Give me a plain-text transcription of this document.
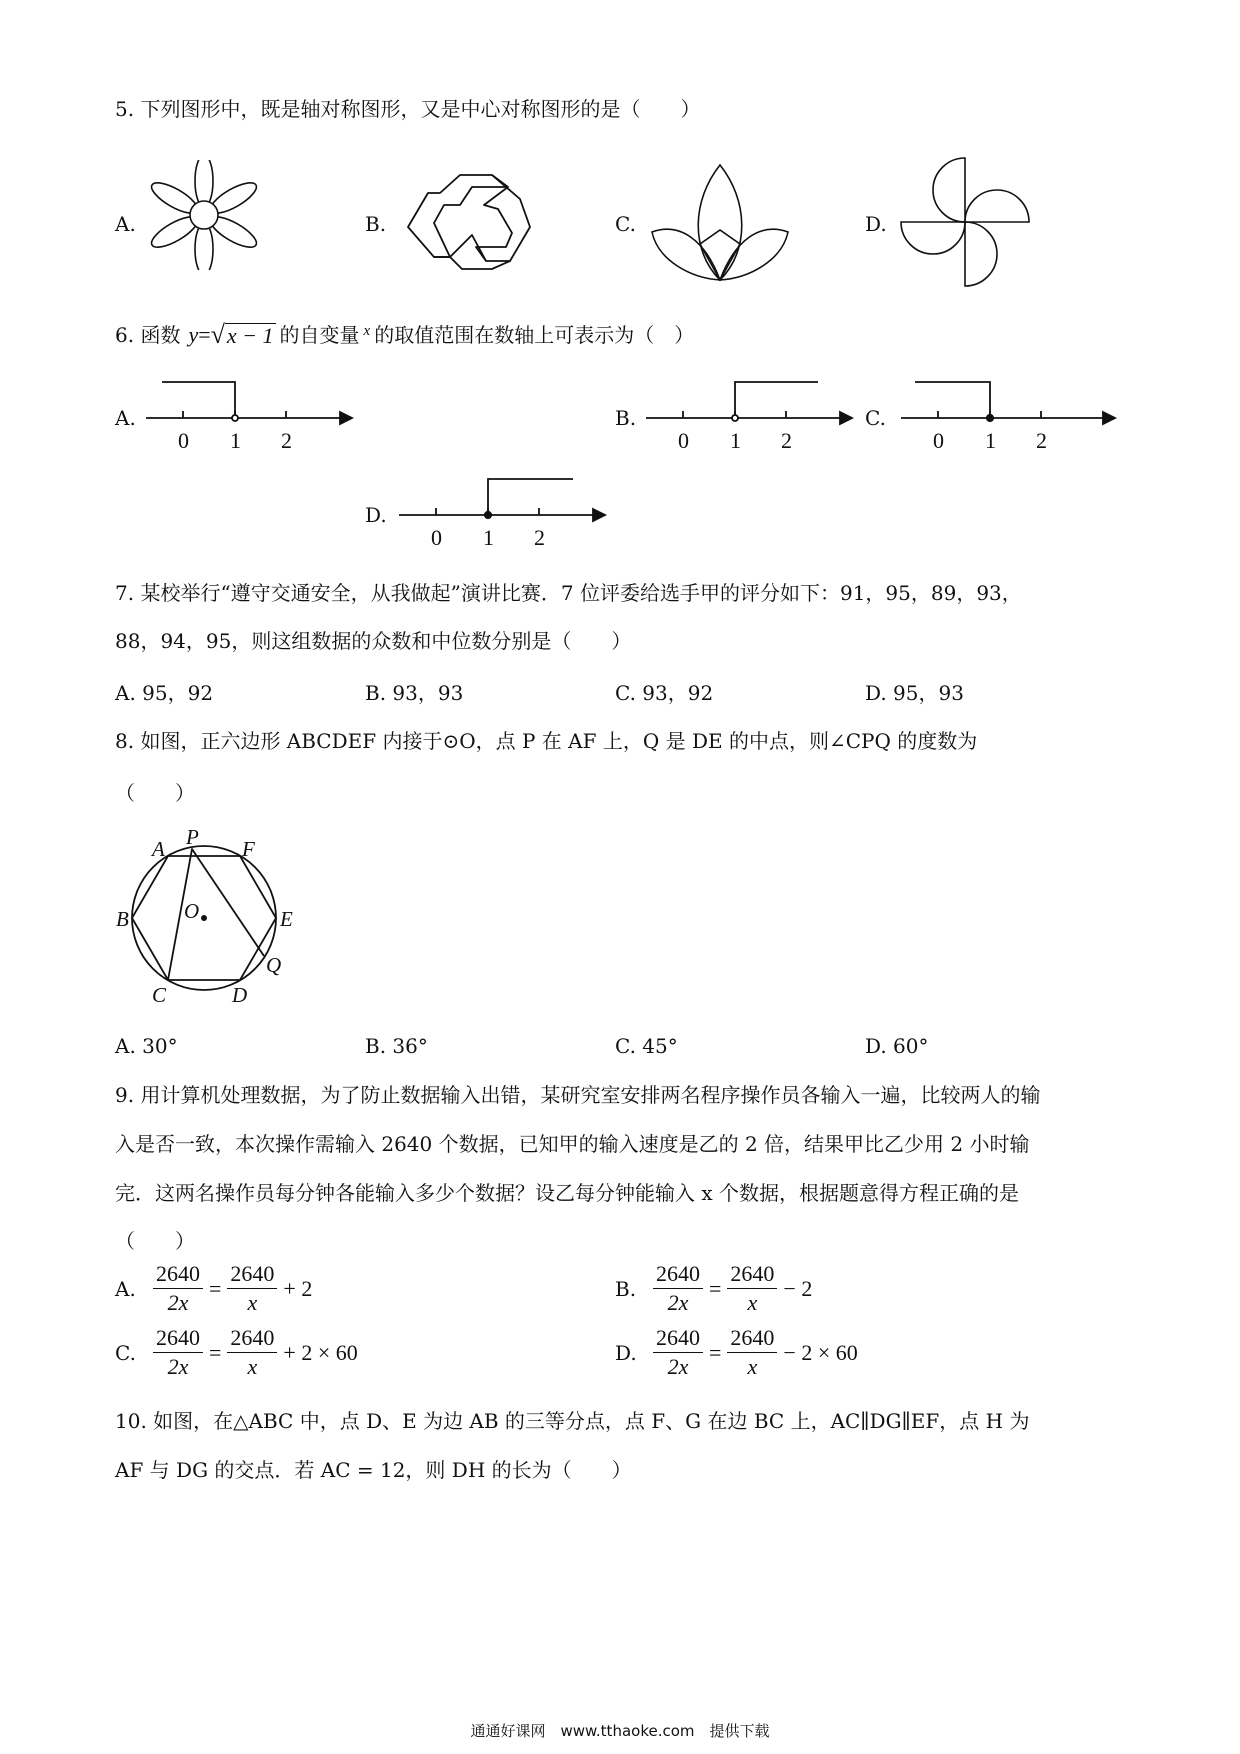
5. 下列图形中，既是轴对称图形，又是中心对称图形的是（　　）
A.	B.	C.	D.
6. 函数 y = √ x − 1 的自变量 x 的取值范围在数轴上可表示为（　）
A.
0 1 2
B.
0 1 2
C.
0 1 2
D.
0 1 2
7. 某校举行“遵守交通安全，从我做起”演讲比赛．7 位评委给选手甲的评分如下：91，95，89，93，
88，94，95，则这组数据的众数和中位数分别是（　　）
A. 95，92	B. 93，93	C. 93，92	D. 95，93
8. 如图，正六边形 ABCDEF 内接于⊙O，点 P 在 AF 上，Q 是 DE 的中点，则∠CPQ 的度数为
（　　）
A P F
B	O	E
Q
C	D
A. 30°	B. 36°	C. 45°	D. 60°
9. 用计算机处理数据，为了防止数据输入出错，某研究室安排两名程序操作员各输入一遍，比较两人的输
入是否一致，本次操作需输入 2640 个数据，已知甲的输入速度是乙的 2 倍，结果甲比乙少用 2 小时输
完．这两名操作员每分钟各能输入多少个数据？设乙每分钟能输入 x 个数据，根据题意得方程正确的是
（　　）
A. $\frac{2640}{2x} = \frac{2640}{x} + 2$	B. $\frac{2640}{2x} = \frac{2640}{x} - 2$
C. $\frac{2640}{2x} = \frac{2640}{x} + 2 \times 60$	D. $\frac{2640}{2x} = \frac{2640}{x} - 2 \times 60$
10. 如图，在△ABC 中，点 D、E 为边 AB 的三等分点，点 F、G 在边 BC 上，AC∥DG∥EF，点 H 为
AF 与 DG 的交点．若 AC = 12，则 DH 的长为（　　）
通通好课网　www.tthaoke.com　提供下载
